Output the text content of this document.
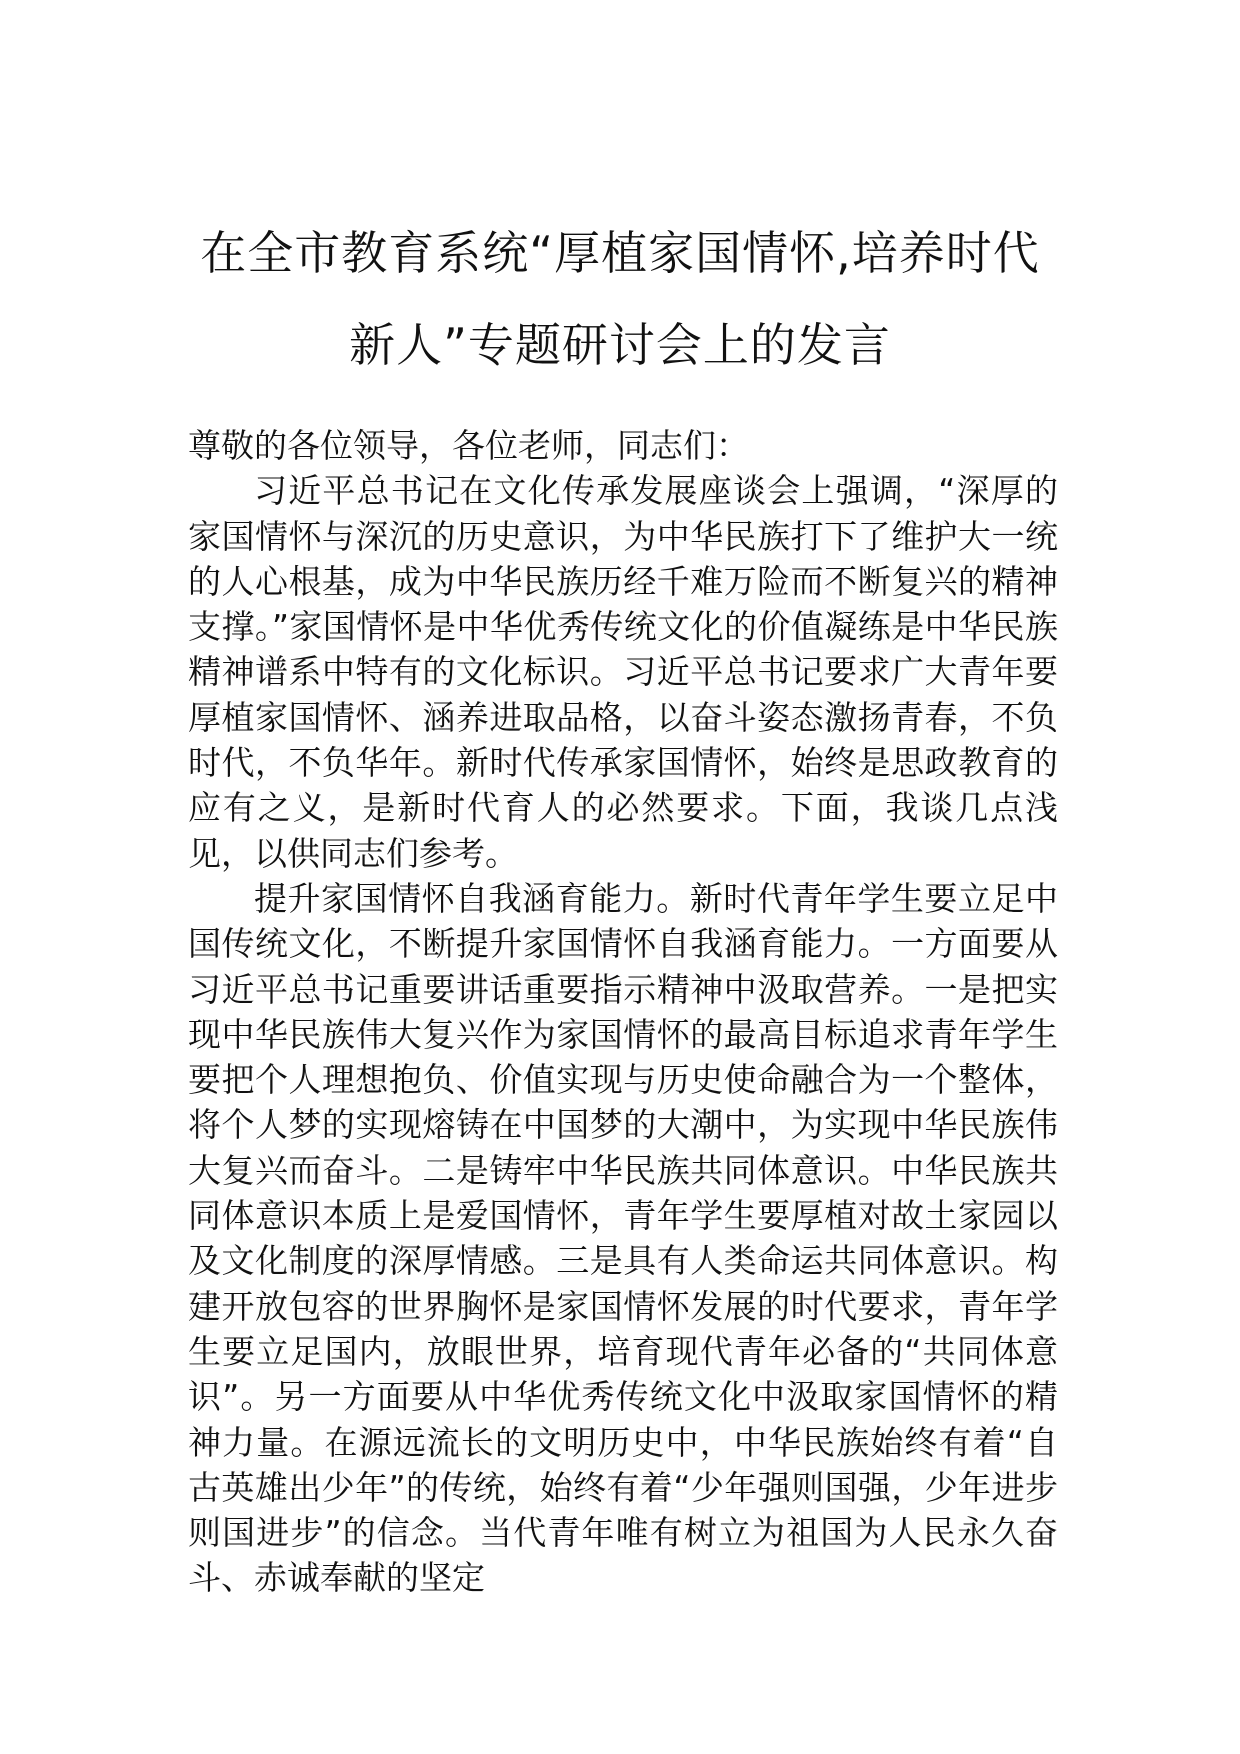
在全市教育系统“厚植家国情怀,培养时代
新人”专题研讨会上的发言

尊敬的各位领导，各位老师，同志们：

习近平总书记在文化传承发展座谈会上强调，“深厚的家国情怀与深沉的历史意识，为中华民族打下了维护大一统的人心根基，成为中华民族历经千难万险而不断复兴的精神支撑。”家国情怀是中华优秀传统文化的价值凝练是中华民族精神谱系中特有的文化标识。习近平总书记要求广大青年要厚植家国情怀、涵养进取品格，以奋斗姿态激扬青春，不负时代，不负华年。新时代传承家国情怀，始终是思政教育的应有之义，是新时代育人的必然要求。下面，我谈几点浅见，以供同志们参考。

提升家国情怀自我涵育能力。新时代青年学生要立足中国传统文化，不断提升家国情怀自我涵育能力。一方面要从习近平总书记重要讲话重要指示精神中汲取营养。一是把实现中华民族伟大复兴作为家国情怀的最高目标追求青年学生要把个人理想抱负、价值实现与历史使命融合为一个整体，将个人梦的实现熔铸在中国梦的大潮中，为实现中华民族伟大复兴而奋斗。二是铸牢中华民族共同体意识。中华民族共同体意识本质上是爱国情怀，青年学生要厚植对故土家园以及文化制度的深厚情感。三是具有人类命运共同体意识。构建开放包容的世界胸怀是家国情怀发展的时代要求，青年学生要立足国内，放眼世界，培育现代青年必备的“共同体意识”。另一方面要从中华优秀传统文化中汲取家国情怀的精神力量。在源远流长的文明历史中，中华民族始终有着“自古英雄出少年”的传统，始终有着“少年强则国强，少年进步则国进步”的信念。当代青年唯有树立为祖国为人民永久奋斗、赤诚奉献的坚定
